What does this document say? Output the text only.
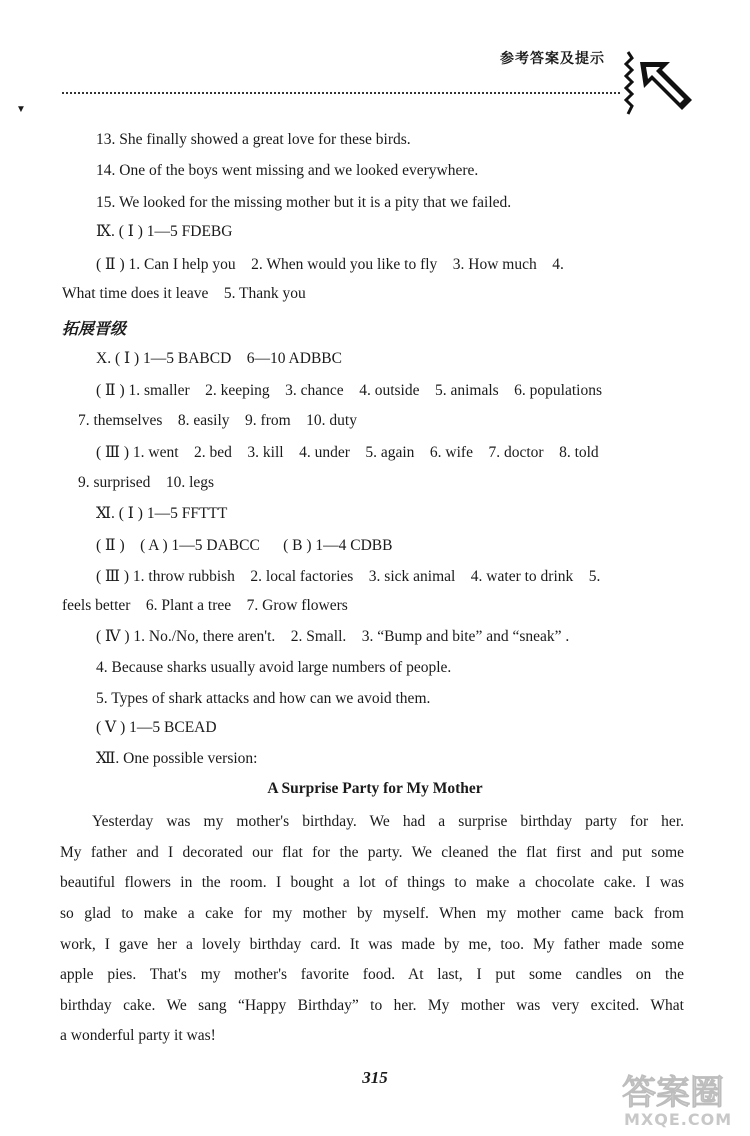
参考答案及提示
▼
13. She finally showed a great love for these birds.
14. One of the boys went missing and we looked everywhere.
15. We looked for the missing mother but it is a pity that we failed.
Ⅸ. ( Ⅰ ) 1—5 FDEBG
( Ⅱ ) 1. Can I help you    2. When would you like to fly    3. How much    4.
What time does it leave    5. Thank you
拓展晋级
X. ( Ⅰ ) 1—5 BABCD    6—10 ADBBC
( Ⅱ ) 1. smaller    2. keeping    3. chance    4. outside    5. animals    6. populations
7. themselves    8. easily    9. from    10. duty
( Ⅲ ) 1. went    2. bed    3. kill    4. under    5. again    6. wife    7. doctor    8. told
9. surprised    10. legs
Ⅺ. ( Ⅰ ) 1—5 FFTTT
( Ⅱ )    ( A ) 1—5 DABCC      ( B ) 1—4 CDBB
( Ⅲ ) 1. throw rubbish    2. local factories    3. sick animal    4. water to drink    5.
feels better    6. Plant a tree    7. Grow flowers
( Ⅳ ) 1. No./No, there aren't.    2. Small.    3. “Bump and bite” and “sneak” .
4. Because sharks usually avoid large numbers of people.
5. Types of shark attacks and how can we avoid them.
( Ⅴ ) 1—5 BCEAD
Ⅻ. One possible version:
A Surprise Party for My Mother
Yesterday was my mother's birthday. We had a surprise birthday party for her.
My father and I decorated our flat for the party. We cleaned the flat first and put some
beautiful flowers in the room. I bought a lot of things to make a chocolate cake. I was
so glad to make a cake for my mother by myself. When my mother came back from
work, I gave her a lovely birthday card. It was made by me, too. My father made some
apple pies. That's my mother's favorite food. At last, I put some candles on the
birthday cake. We sang “Happy Birthday” to her. My mother was very excited. What
a wonderful party it was!
315	答案圈
MXQE.COM
